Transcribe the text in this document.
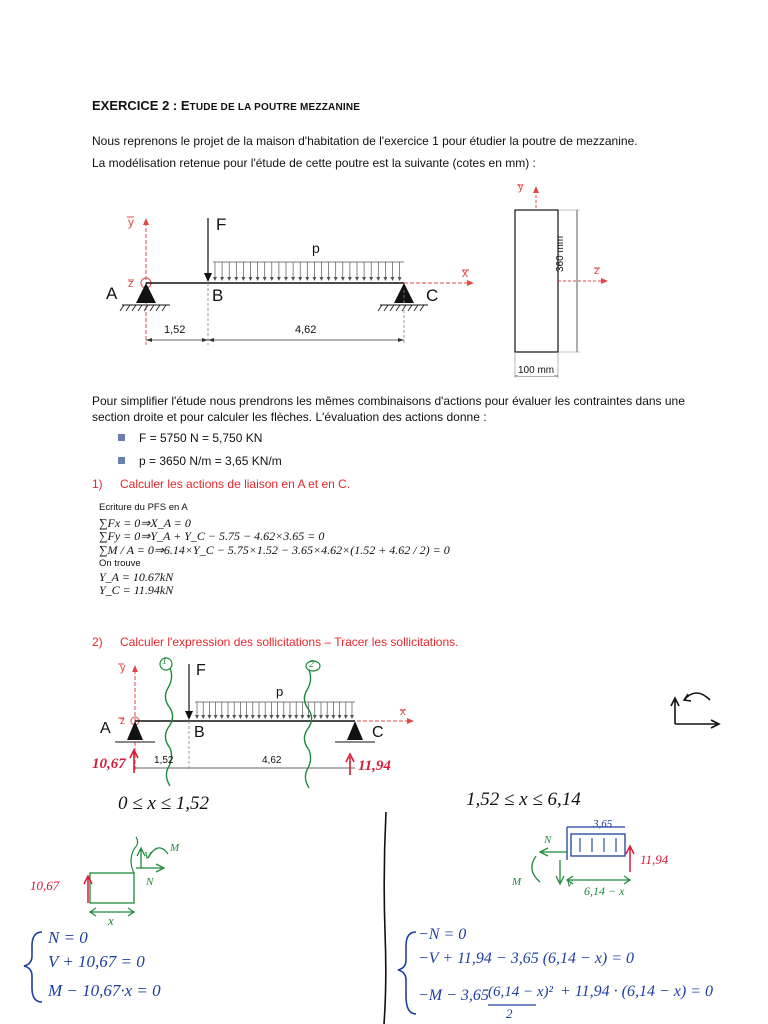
EXERCICE 2 : ETUDE DE LA POUTRE MEZZANINE
Nous reprenons le projet de la maison d'habitation de l'exercice 1 pour étudier la poutre de mezzanine.
La modélisation retenue pour l'étude de cette poutre est la suivante (cotes en mm) :
y
z
x
F
p
A	B	C
1,52	4,62
360 mm
100 mm
y
z
Pour simplifier l'étude nous prendrons les mêmes combinaisons d'actions pour évaluer les contraintes dans une
section droite et pour calculer les flèches. L'évaluation des actions donne :
F = 5750 N = 5,750 KN
p = 3650 N/m = 3,65 KN/m
1) Calculer les actions de liaison en A et en C.
Ecriture du PFS en A
∑Fx = 0⇒X_A = 0
∑Fy = 0⇒Y_A + Y_C − 5.75 − 4.62×3.65 = 0
∑M / A = 0⇒6.14×Y_C − 5.75×1.52 − 3.65×4.62×(1.52 + 4.62 / 2) = 0
On trouve
Y_A = 10.67kN
Y_C = 11.94kN
2) Calculer l'expression des sollicitations – Tracer les sollicitations.
y
z
x
F
p
A	B	C
1,52	4,62
1	2
10,67	11,94
0 ≤ x ≤ 1,52	1,52 ≤ x ≤ 6,14
10,67
x
V
N
M
3,65
11,94
6,14 − x
N
V
M
N = 0
V + 10,67 = 0
M − 10,67·x = 0
−N = 0
−V + 11,94 − 3,65 (6,14 − x) = 0
−M − 3,65 (6,14 − x)² + 11,94 · (6,14 − x) = 0
2
